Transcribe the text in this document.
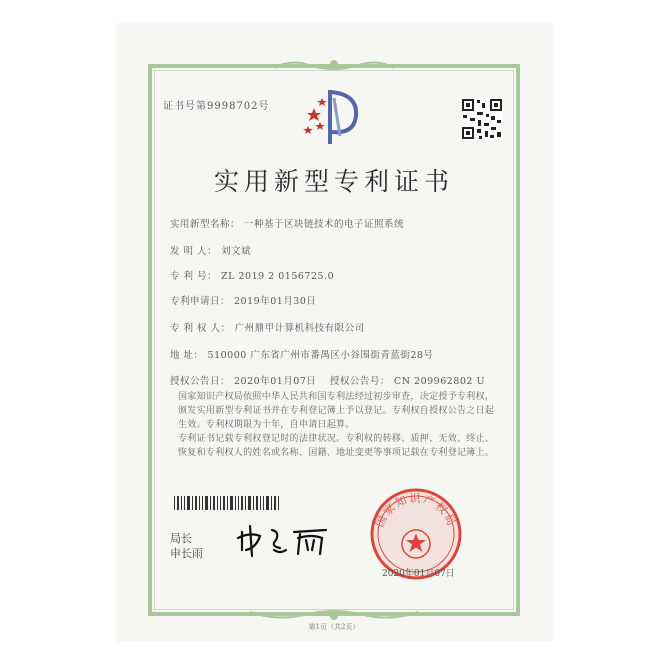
证书号第9998702号
实用新型专利证书
实用新型名称： 一种基于区块链技术的电子证照系统
发 明 人： 刘文斌
专 利 号： ZL 2019 2 0156725.0
专利申请日： 2019年01月30日
专 利 权 人： 广州鼎甲计算机科技有限公司
地 址： 510000 广东省广州市番禺区小谷围街青蓝街28号
授权公告日： 2020年01月07日 授权公告号： CN 209962802 U
国家知识产权局依照中华人民共和国专利法经过初步审查，决定授予专利权，颁发实用新型专利证书并在专利登记簿上予以登记。专利权自授权公告之日起生效。专利权期限为十年，自申请日起算。
专利证书记载专利权登记时的法律状况。专利权的转移、质押、无效、终止、恢复和专利权人的姓名或名称、国籍、地址变更等事项记载在专利登记簿上。
局长
申长雨
国家知识产权局
2020年01月07日
第1页（共2页）
